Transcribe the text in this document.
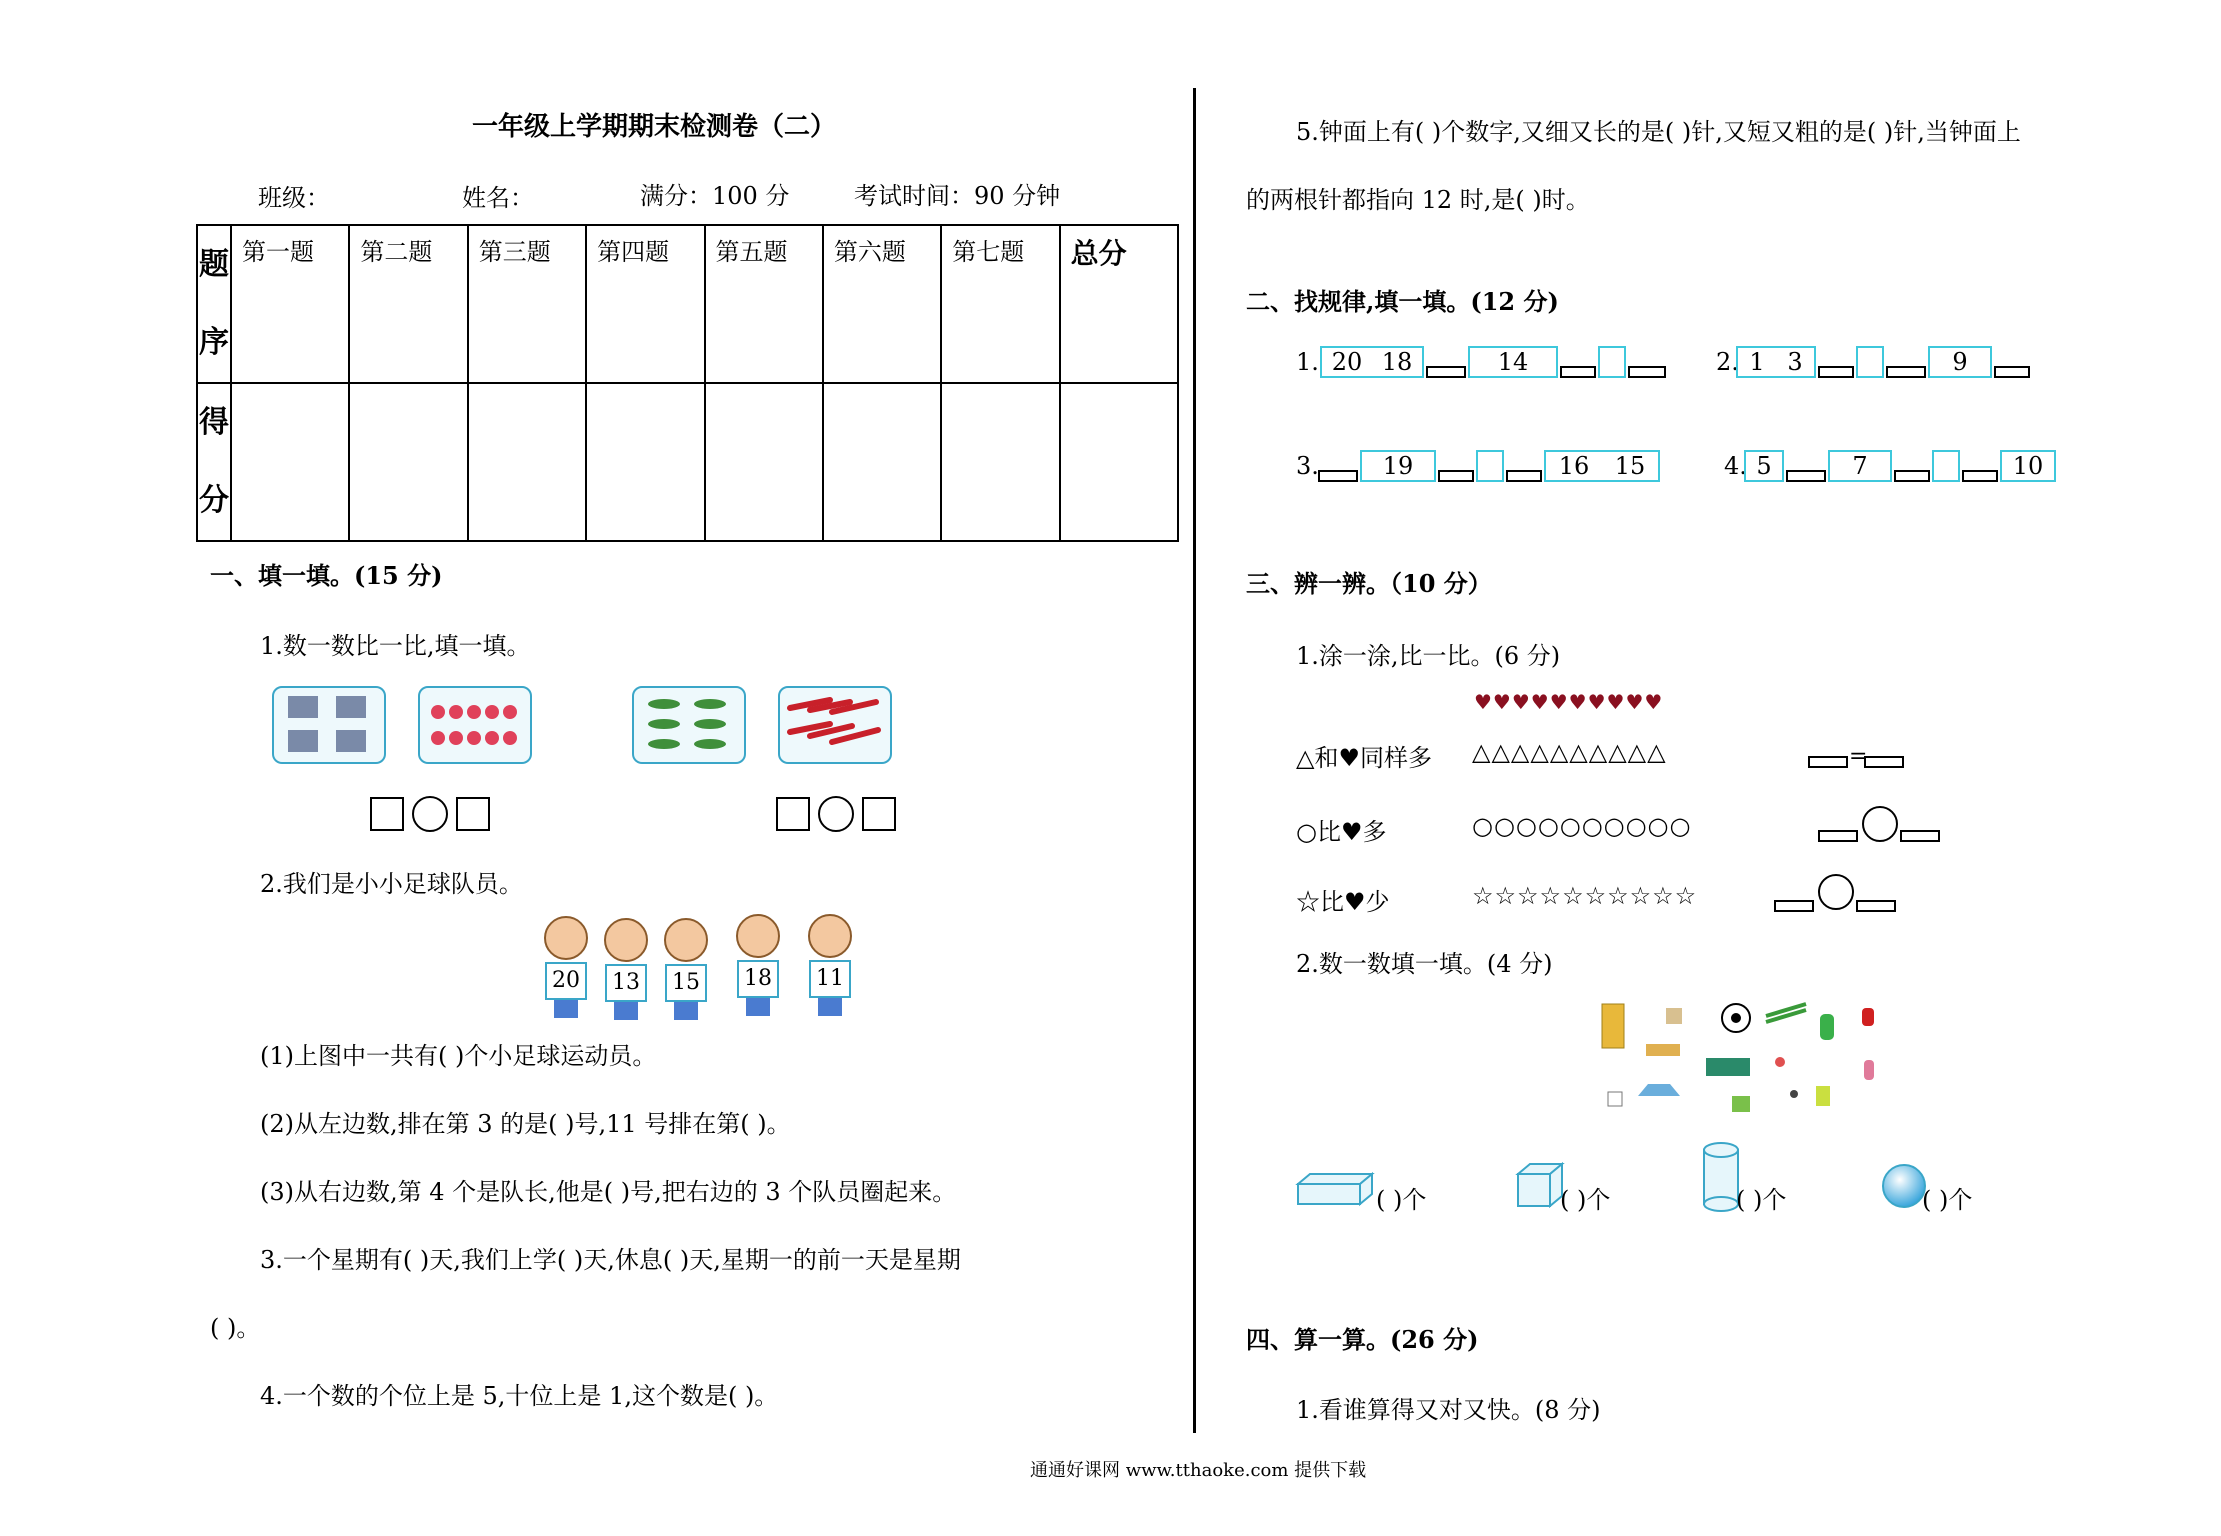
一年级上学期期末检测卷（二）
班级：	姓名：	满分：100 分	考试时间：90 分钟
题
序	第一题	第二题	第三题	第四题	第五题	第六题	第七题	总分
得
分								
一、填一填。(15 分)
1.数一数比一比,填一填。
2.我们是小小足球队员。
20	13	15	18	11
(1)上图中一共有( )个小足球运动员。
(2)从左边数,排在第 3 的是( )号,11 号排在第( )。
(3)从右边数,第 4 个是队长,他是( )号,把右边的 3 个队员圈起来。
3.一个星期有( )天,我们上学( )天,休息( )天,星期一的前一天是星期
( )。
4.一个数的个位上是 5,十位上是 1,这个数是( )。
5.钟面上有( )个数字,又细又长的是( )针,又短又粗的是( )针,当钟面上
的两根针都指向 12 时,是( )时。
二、找规律,填一填。(12 分)
1. 20 18	14	2. 1 3	9
3.	19	16 15	4. 5	7	10
三、辨一辨。（10 分）
1.涂一涂,比一比。(6 分)
♥♥♥♥♥♥♥♥♥♥
△和♥同样多 △△△△△△△△△△	=
○比♥多	○○○○○○○○○○
☆比♥少	☆☆☆☆☆☆☆☆☆☆
2.数一数填一填。(4 分)
( )个	( )个	( )个	( )个
四、算一算。(26 分)
1.看谁算得又对又快。(8 分)
通通好课网 www.tthaoke.com 提供下载
